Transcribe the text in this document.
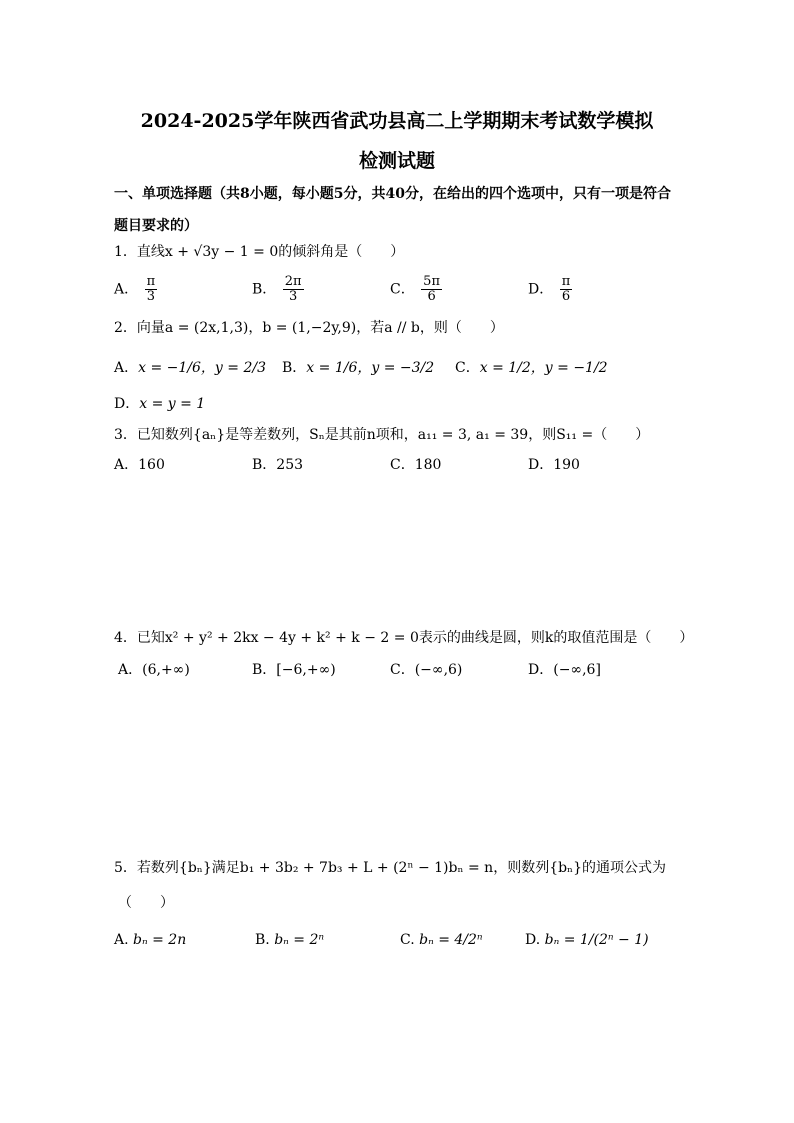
2024-2025学年陕西省武功县高二上学期期末考试数学模拟
检测试题
一、单项选择题（共8小题，每小题5分，共40分，在给出的四个选项中，只有一项是符合
题目要求的）
1．直线x + √3y − 1 = 0的倾斜角是（　　）
A． $\frac{\pi}{3}$	B． $\frac{2\pi}{3}$	C． $\frac{5\pi}{6}$	D． $\frac{\pi}{6}$
2．向量a = (2x,1,3)，b = (1,−2y,9)，若a // b，则（　　）
A．x = −1/6，y = 2/3 B．x = 1/6，y = −3/2 C．x = 1/2，y = −1/2
D．x = y = 1
3．已知数列{aₙ}是等差数列，Sₙ是其前n项和，a₁₁ = 3, a₁ = 39，则S₁₁ =（　　）
A．160	B．253	C．180	D．190
4．已知x² + y² + 2kx − 4y + k² + k − 2 = 0表示的曲线是圆，则k的取值范围是（　　）
A．(6,+∞)	B．[−6,+∞)	C．(−∞,6)	D．(−∞,6]
5．若数列{bₙ}满足b₁ + 3b₂ + 7b₃ + L + (2ⁿ − 1)bₙ = n，则数列{bₙ}的通项公式为
（　　）
A. bₙ = 2n	B. bₙ = 2ⁿ	C. bₙ = 4/2ⁿ	D. bₙ = 1/(2ⁿ − 1)
